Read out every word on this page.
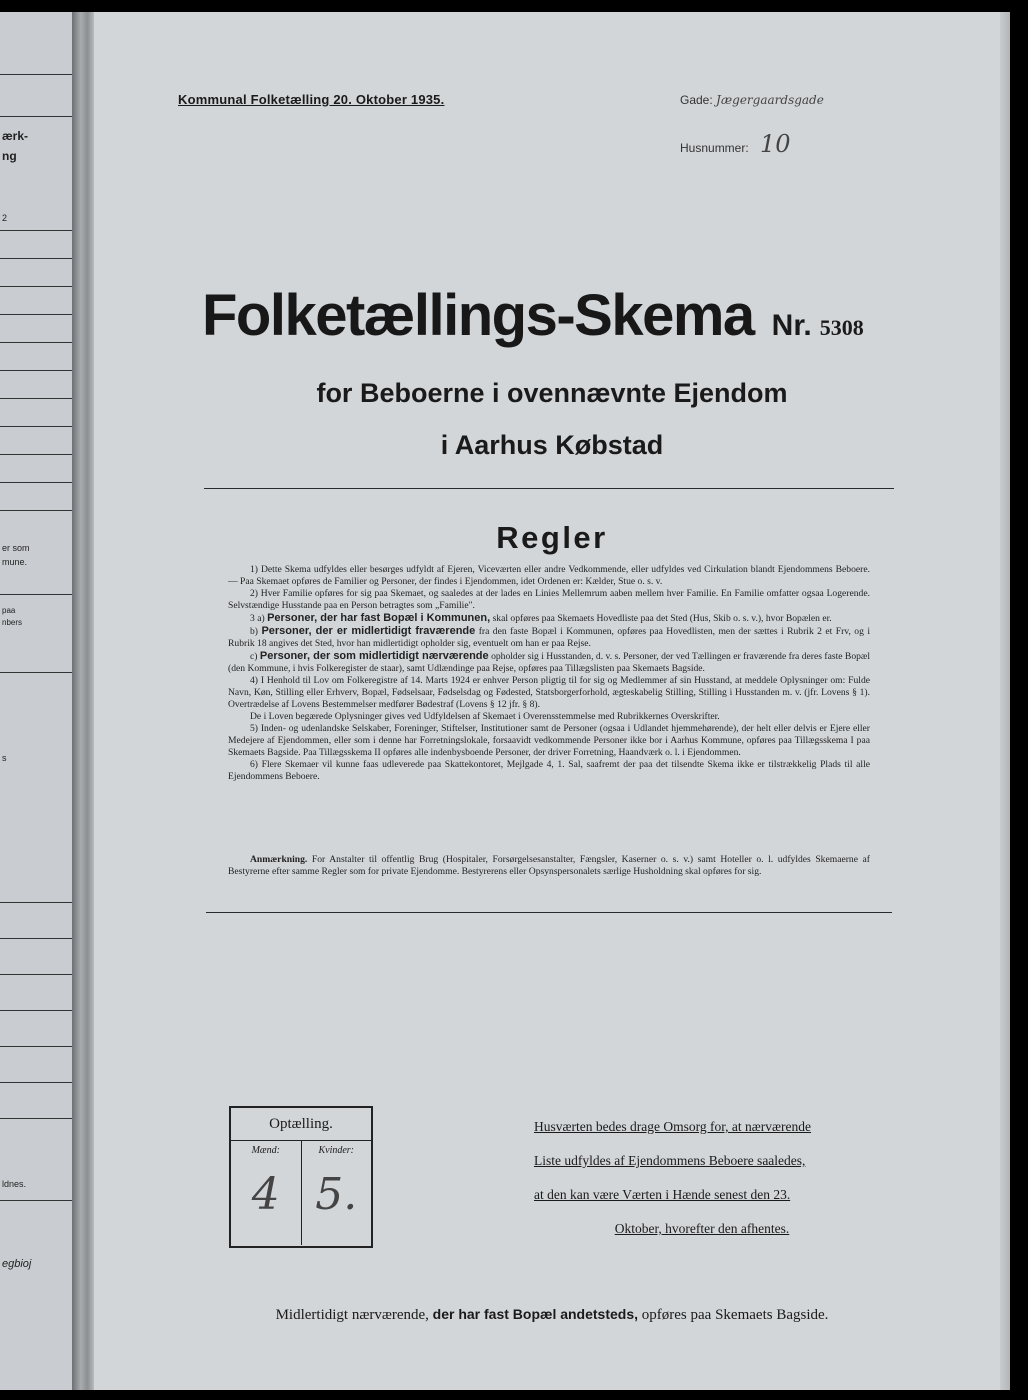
ærk-
ng
2
er som
mune.
paa
nbers
s
ldnes.
egbioj
Kommunal Folketælling 20. Oktober 1935.	Gade: Jægergaardsgade
Husnummer: 10
Folketællings-Skema Nr. 5308
for Beboerne i ovennævnte Ejendom
i Aarhus Købstad
Regler

1) Dette Skema udfyldes eller besørges udfyldt af Ejeren, Viceværten eller andre Vedkommende, eller udfyldes ved Cirkulation blandt Ejendommens Beboere. — Paa Skemaet opføres de Familier og Personer, der findes i Ejendommen, idet Ordenen er: Kælder, Stue o. s. v.

2) Hver Familie opføres for sig paa Skemaet, og saaledes at der lades en Linies Mellemrum aaben mellem hver Familie. En Familie omfatter ogsaa Logerende. Selvstændige Husstande paa en Person betragtes som „Familie".

3 a) Personer, der har fast Bopæl i Kommunen, skal opføres paa Skemaets Hovedliste paa det Sted (Hus, Skib o. s. v.), hvor Bopælen er.

b) Personer, der er midlertidigt fraværende fra den faste Bopæl i Kommunen, opføres paa Hovedlisten, men der sættes i Rubrik 2 et Frv, og i Rubrik 18 angives det Sted, hvor han midlertidigt opholder sig, eventuelt om han er paa Rejse.

c) Personer, der som midlertidigt nærværende opholder sig i Husstanden, d. v. s. Personer, der ved Tællingen er fraværende fra deres faste Bopæl (den Kommune, i hvis Folkeregister de staar), samt Udlændinge paa Rejse, opføres paa Tillægslisten paa Skemaets Bagside.

4) I Henhold til Lov om Folkeregistre af 14. Marts 1924 er enhver Person pligtig til for sig og Medlemmer af sin Husstand, at meddele Oplysninger om: Fulde Navn, Køn, Stilling eller Erhverv, Bopæl, Fødselsaar, Fødselsdag og Fødested, Statsborgerforhold, ægteskabelig Stilling, Stilling i Husstanden m. v. (jfr. Lovens § 1). Overtrædelse af Lovens Bestemmelser medfører Bødestraf (Lovens § 12 jfr. § 8).

De i Loven begærede Oplysninger gives ved Udfyldelsen af Skemaet i Overensstemmelse med Rubrikkernes Overskrifter.

5) Inden- og udenlandske Selskaber, Foreninger, Stiftelser, Institutioner samt de Personer (ogsaa i Udlandet hjemmehørende), der helt eller delvis er Ejere eller Medejere af Ejendommen, eller som i denne har Forretningslokale, forsaavidt vedkommende Personer ikke bor i Aarhus Kommune, opføres paa Tillægsskema I paa Skemaets Bagside. Paa Tillægsskema II opføres alle indenbysboende Personer, der driver Forretning, Haandværk o. l. i Ejendommen.

6) Flere Skemaer vil kunne faas udleverede paa Skattekontoret, Mejlgade 4, 1. Sal, saafremt der paa det tilsendte Skema ikke er tilstrækkelig Plads til alle Ejendommens Beboere.

Anmærkning. For Anstalter til offentlig Brug (Hospitaler, Forsørgelsesanstalter, Fængsler, Kaserner o. s. v.) samt Hoteller o. l. udfyldes Skemaerne af Bestyrerne efter samme Regler som for private Ejendomme. Bestyrerens eller Opsynspersonalets særlige Husholdning skal opføres for sig.

Optælling.
Mænd:
4
Kvinder:
5.
Husværten bedes drage Omsorg for, at nærværende
Liste udfyldes af Ejendommens Beboere saaledes,
at den kan være Værten i Hænde senest den 23.
Oktober, hvorefter den afhentes.
Midlertidigt nærværende, der har fast Bopæl andetsteds, opføres paa Skemaets Bagside.
